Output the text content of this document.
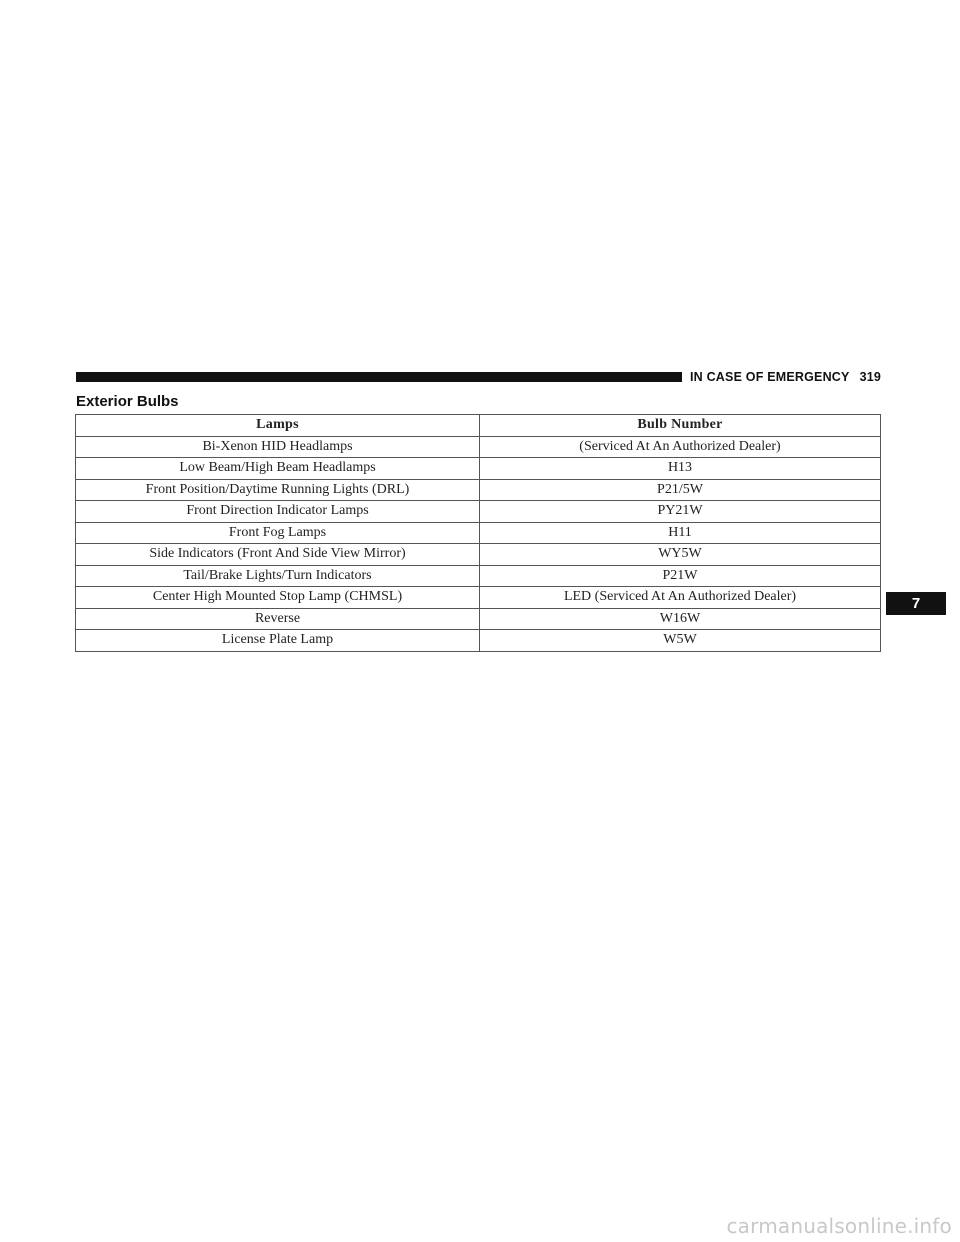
IN CASE OF EMERGENCY 319
Exterior Bulbs
Lamps	Bulb Number
Bi-Xenon HID Headlamps	(Serviced At An Authorized Dealer)
Low Beam/High Beam Headlamps	H13
Front Position/Daytime Running Lights (DRL)	P21/5W
Front Direction Indicator Lamps	PY21W
Front Fog Lamps	H11
Side Indicators (Front And Side View Mirror)	WY5W
Tail/Brake Lights/Turn Indicators	P21W
Center High Mounted Stop Lamp (CHMSL)	LED (Serviced At An Authorized Dealer)
Reverse	W16W
License Plate Lamp	W5W
7
carmanualsonline.info
